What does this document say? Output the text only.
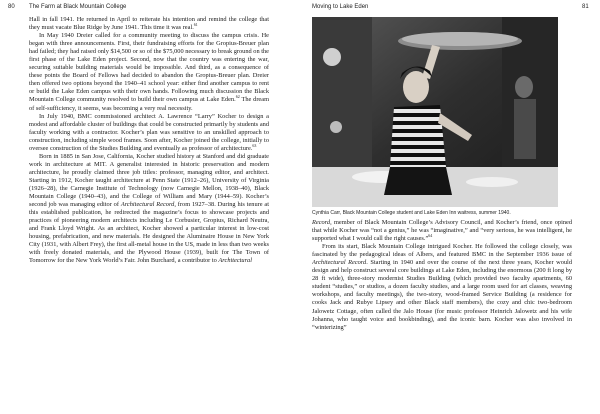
80 The Farm at Black Mountain College

Hall in fall 1941. He returned in April to reiterate his intention and remind the college that they must vacate Blue Ridge by June 1941. This time it was real.$^{61}$

In May 1940 Dreier called for a community meeting to discuss the campus crisis. He began with three announcements. First, their fundraising efforts for the Gropius-Breuer plan had failed; they had raised only $14,500 or so of the $75,000 necessary to break ground on the first phase of the Lake Eden project. Second, now that the country was entering the war, securing suitable building materials would be impossible. And third, as a consequence of these points the Board of Fellows had decided to abandon the Gropius-Breuer plan. Dreier then offered two options beyond the 1940–41 school year: either find another campus to rent or build the Lake Eden campus with their own hands. Following much discussion the Black Mountain College community resolved to build their own campus at Lake Eden.$^{62}$ The dream of self-sufficiency, it seems, was becoming a very real necessity.

In July 1940, BMC commissioned architect A. Lawrence “Larry” Kocher to design a modest and affordable cluster of buildings that could be constructed primarily by students and faculty working with a contractor. Kocher’s plan was sensitive to an unskilled approach to construction, including simple wood frames. Soon after, Kocher joined the college, initially to oversee construction of the Studies Building and eventually as professor of architecture.$^{63}$

Born in 1885 in San Jose, California, Kocher studied history at Stanford and did graduate work in architecture at MIT. A generalist interested in historic preservation and modern architecture, he proudly claimed three job titles: professor, managing editor, and architect. Starting in 1912, Kocher taught architecture at Penn State (1912–26), University of Virginia (1926–28), the Carnegie Institute of Technology (now Carnegie Mellon, 1938–40), Black Mountain College (1940–43), and the College of William and Mary (1944–59). Kocher’s second job was managing editor of Architectural Record, from 1927–38. During his tenure at this established publication, he redirected the magazine’s focus to showcase projects and practices of pioneering modern architects including Le Corbusier, Gropius, Richard Neutra, and Frank Lloyd Wright. As an architect, Kocher showed a particular interest in low-cost housing, prefabrication, and new materials. He designed the Aluminaire House in New York City (1931, with Albert Frey), the first all-metal house in the US, made in less than two weeks with freely donated materials, and the Plywood House (1939), built for The Town of Tomorrow for the New York World’s Fair. John Burchard, a contributor to Architectural

Moving to Lake Eden	81
Cynthia Carr, Black Mountain College student and Lake Eden Inn waitress, summer 1940.

Record, member of Black Mountain College’s Advisory Council, and Kocher’s friend, once opined that while Kocher was “not a genius,” he was “imaginative,” and “very serious, he was intelligent, he supported what I would call the right causes.”$^{64}$

From its start, Black Mountain College intrigued Kocher. He followed the college closely, was fascinated by the pedagogical ideas of Albers, and featured BMC in the September 1936 issue of Architectural Record. Starting in 1940 and over the course of the next three years, Kocher would design and help construct several core buildings at Lake Eden, including the enormous (200 ft long by 28 ft wide), three-story modernist Studies Building (which provided two faculty apartments, 60 student “studies,” or studios, a dozen faculty studies, and a large room used for art classes, weaving workshops, and faculty meetings), the two-story, wood-framed Service Building (a residence for cooks Jack and Rubye Lipsey and other Black staff members), the cozy and chic two-bedroom Jalowetz Cottage, often called the Jalo House (for music professor Heinrich Jalowetz and his wife Johanna, who taught voice and bookbinding), and the iconic barn. Kocher was also involved in “winterizing”
